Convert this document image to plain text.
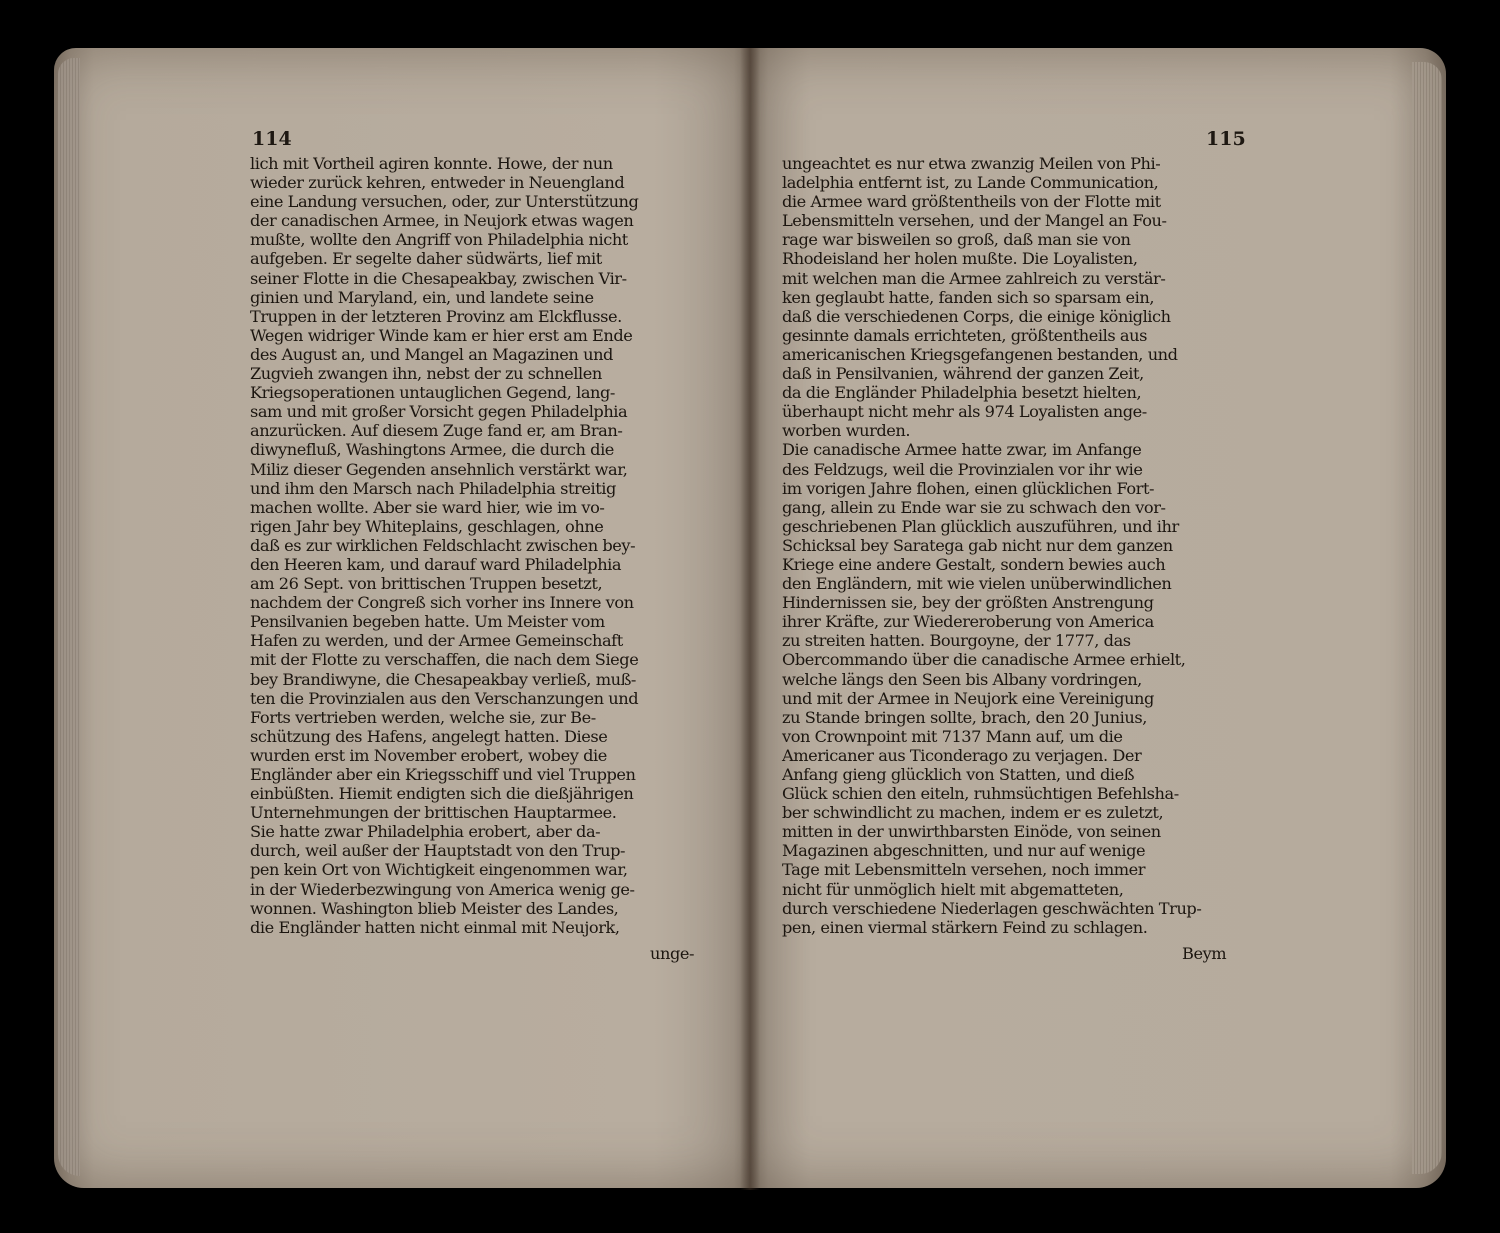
114
lich mit Vortheil agiren konnte. Howe, der nun
wieder zurück kehren, entweder in Neuengland
eine Landung versuchen, oder, zur Unterstützung
der canadischen Armee, in Neujork etwas wagen
mußte, wollte den Angriff von Philadelphia nicht
aufgeben. Er segelte daher südwärts, lief mit
seiner Flotte in die Chesapeakbay, zwischen Vir-
ginien und Maryland, ein, und landete seine
Truppen in der letzteren Provinz am Elckflusse.
Wegen widriger Winde kam er hier erst am Ende
des August an, und Mangel an Magazinen und
Zugvieh zwangen ihn, nebst der zu schnellen
Kriegsoperationen untauglichen Gegend, lang-
sam und mit großer Vorsicht gegen Philadelphia
anzurücken. Auf diesem Zuge fand er, am Bran-
diwynefluß, Washingtons Armee, die durch die
Miliz dieser Gegenden ansehnlich verstärkt war,
und ihm den Marsch nach Philadelphia streitig
machen wollte. Aber sie ward hier, wie im vo-
rigen Jahr bey Whiteplains, geschlagen, ohne
daß es zur wirklichen Feldschlacht zwischen bey-
den Heeren kam, und darauf ward Philadelphia
am 26 Sept. von brittischen Truppen besetzt,
nachdem der Congreß sich vorher ins Innere von
Pensilvanien begeben hatte. Um Meister vom
Hafen zu werden, und der Armee Gemeinschaft
mit der Flotte zu verschaffen, die nach dem Siege
bey Brandiwyne, die Chesapeakbay verließ, muß-
ten die Provinzialen aus den Verschanzungen und
Forts vertrieben werden, welche sie, zur Be-
schützung des Hafens, angelegt hatten. Diese
wurden erst im November erobert, wobey die
Engländer aber ein Kriegsschiff und viel Truppen
einbüßten. Hiemit endigten sich die dießjährigen
Unternehmungen der brittischen Hauptarmee.
Sie hatte zwar Philadelphia erobert, aber da-
durch, weil außer der Hauptstadt von den Trup-
pen kein Ort von Wichtigkeit eingenommen war,
in der Wiederbezwingung von America wenig ge-
wonnen. Washington blieb Meister des Landes,
die Engländer hatten nicht einmal mit Neujork,
unge-
115
ungeachtet es nur etwa zwanzig Meilen von Phi-
ladelphia entfernt ist, zu Lande Communication,
die Armee ward größtentheils von der Flotte mit
Lebensmitteln versehen, und der Mangel an Fou-
rage war bisweilen so groß, daß man sie von
Rhodeisland her holen mußte. Die Loyalisten,
mit welchen man die Armee zahlreich zu verstär-
ken geglaubt hatte, fanden sich so sparsam ein,
daß die verschiedenen Corps, die einige königlich
gesinnte damals errichteten, größtentheils aus
americanischen Kriegsgefangenen bestanden, und
daß in Pensilvanien, während der ganzen Zeit,
da die Engländer Philadelphia besetzt hielten,
überhaupt nicht mehr als 974 Loyalisten ange-
worben wurden.
Die canadische Armee hatte zwar, im Anfange
des Feldzugs, weil die Provinzialen vor ihr wie
im vorigen Jahre flohen, einen glücklichen Fort-
gang, allein zu Ende war sie zu schwach den vor-
geschriebenen Plan glücklich auszuführen, und ihr
Schicksal bey Saratega gab nicht nur dem ganzen
Kriege eine andere Gestalt, sondern bewies auch
den Engländern, mit wie vielen unüberwindlichen
Hindernissen sie, bey der größten Anstrengung
ihrer Kräfte, zur Wiedereroberung von America
zu streiten hatten. Bourgoyne, der 1777, das
Obercommando über die canadische Armee erhielt,
welche längs den Seen bis Albany vordringen,
und mit der Armee in Neujork eine Vereinigung
zu Stande bringen sollte, brach, den 20 Junius,
von Crownpoint mit 7137 Mann auf, um die
Americaner aus Ticonderago zu verjagen. Der
Anfang gieng glücklich von Statten, und dieß
Glück schien den eiteln, ruhmsüchtigen Befehlsha-
ber schwindlicht zu machen, indem er es zuletzt,
mitten in der unwirthbarsten Einöde, von seinen
Magazinen abgeschnitten, und nur auf wenige
Tage mit Lebensmitteln versehen, noch immer
nicht für unmöglich hielt mit abgematteten,
durch verschiedene Niederlagen geschwächten Trup-
pen, einen viermal stärkern Feind zu schlagen.
Beym
